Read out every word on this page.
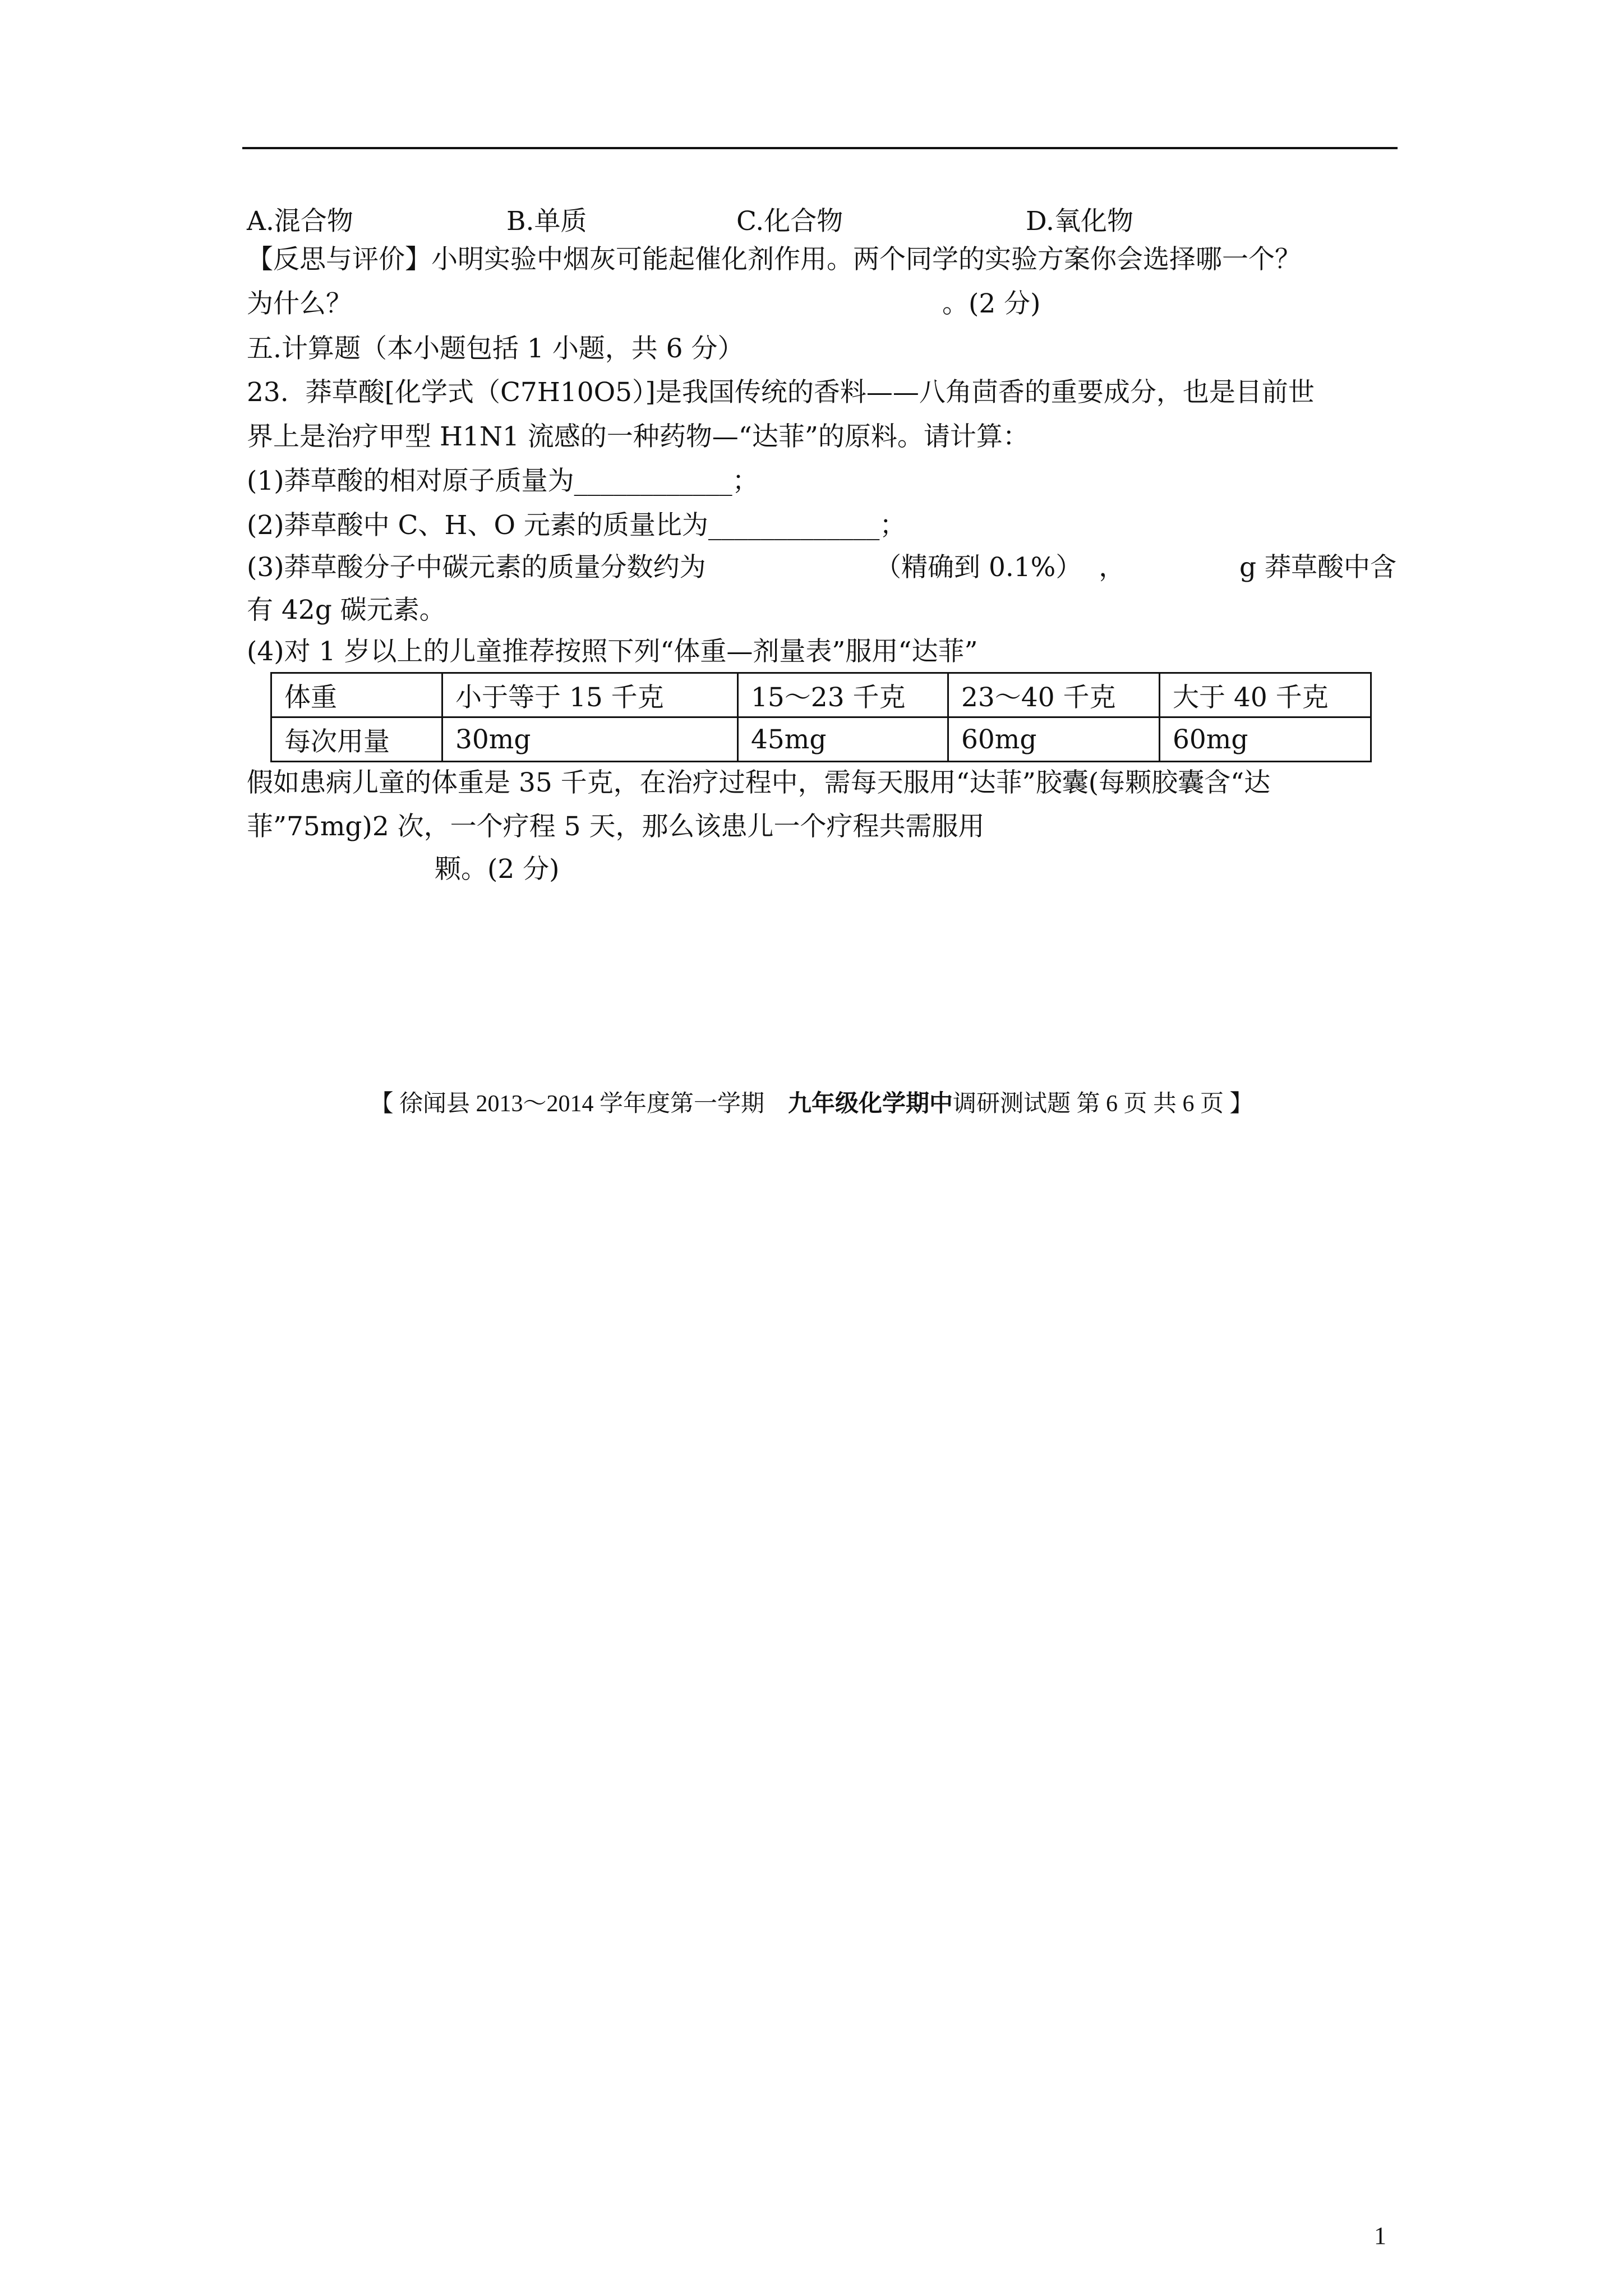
A.混合物	B.单质	C.化合物	D.氧化物
【反思与评价】小明实验中烟灰可能起催化剂作用。两个同学的实验方案你会选择哪一个？
为什么？	。(2 分)
五.计算题（本小题包括 1 小题，共 6 分）
23.  莽草酸[化学式（C7H10O5）]是我国传统的香料——八角茴香的重要成分，也是目前世
界上是治疗甲型 H1N1 流感的一种药物—“达菲”的原料。请计算：
(1)莽草酸的相对原子质量为____________；
(2)莽草酸中 C、H、O 元素的质量比为_____________；
(3)莽草酸分子中碳元素的质量分数约为	（精确到 0.1%）  ，	g 莽草酸中含
有 42g 碳元素。
(4)对 1 岁以上的儿童推荐按照下列“体重—剂量表”服用“达菲”
体重	小于等于 15 千克	15～23 千克	23～40 千克	大于 40 千克
每次用量	30mg	45mg	60mg	60mg
假如患病儿童的体重是 35 千克，在治疗过程中，需每天服用“达菲”胶囊(每颗胶囊含“达
菲”75mg)2 次，一个疗程 5 天，那么该患儿一个疗程共需服用
颗。(2 分)
【 徐闻县 2013～2014 学年度第一学期 九年级化学期中调研测试题 第 6 页 共 6 页 】
1
